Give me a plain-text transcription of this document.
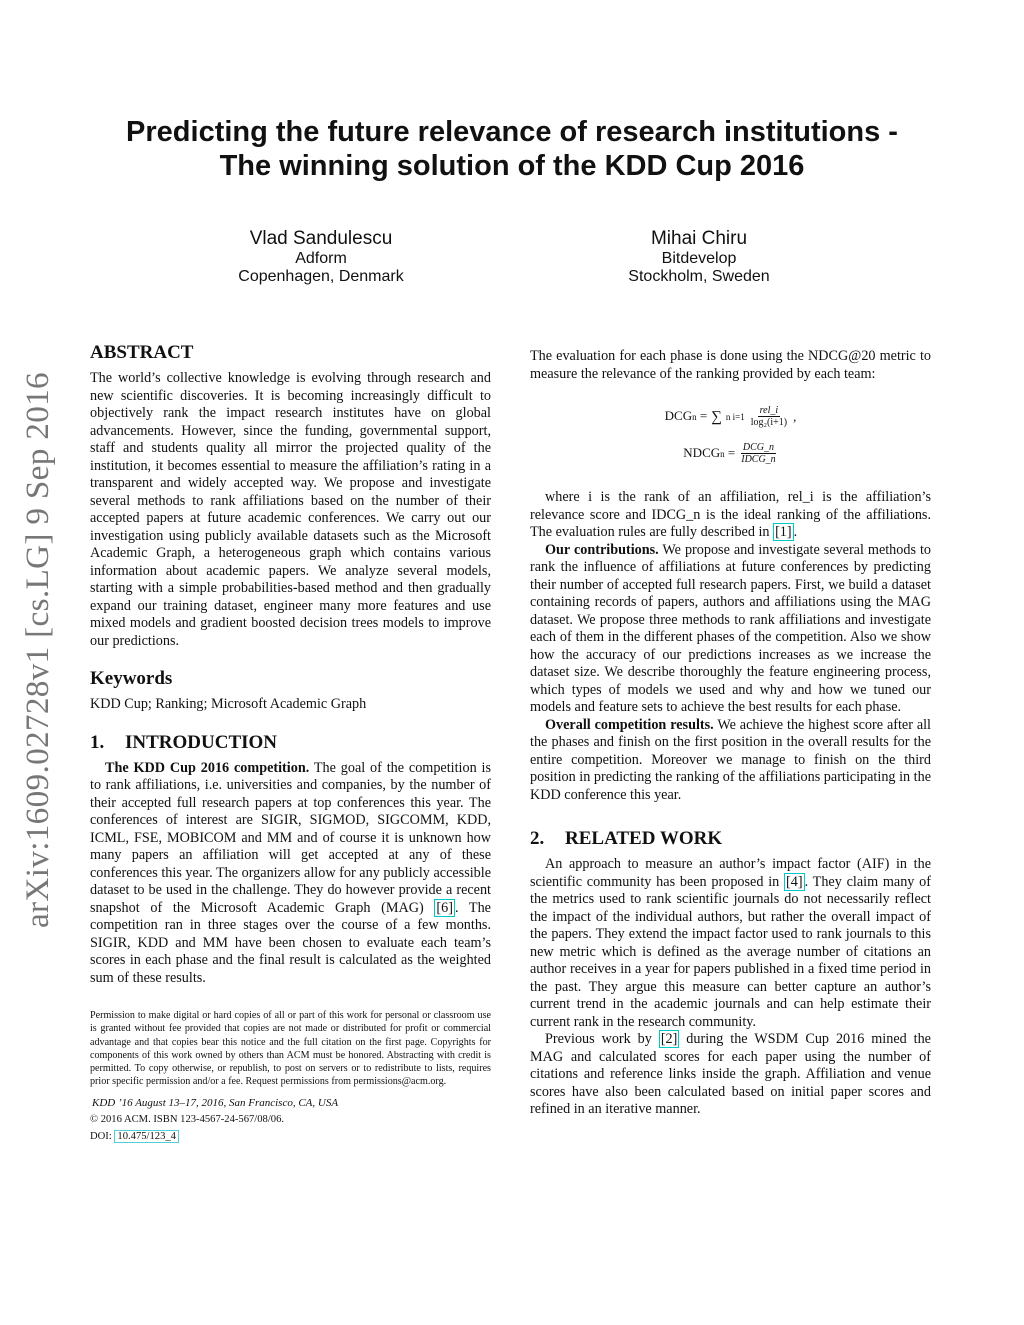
arXiv:1609.02728v1 [cs.LG] 9 Sep 2016
Predicting the future relevance of research institutions -
The winning solution of the KDD Cup 2016
Vlad Sandulescu
Adform
Copenhagen, Denmark
Mihai Chiru
Bitdevelop
Stockholm, Sweden
ABSTRACT

The world’s collective knowledge is evolving through research and new scientific discoveries. It is becoming increasingly difficult to objectively rank the impact research institutes have on global advancements. However, since the funding, governmental support, staff and students quality all mirror the projected quality of the institution, it becomes essential to measure the affiliation’s rating in a transparent and widely accepted way. We propose and investigate several methods to rank affiliations based on the number of their accepted papers at future academic conferences. We carry out our investigation using publicly available datasets such as the Microsoft Academic Graph, a heterogeneous graph which contains various information about academic papers. We analyze several models, starting with a simple probabilities-based method and then gradually expand our training dataset, engineer many more features and use mixed models and gradient boosted decision trees models to improve our predictions.

Keywords

KDD Cup; Ranking; Microsoft Academic Graph

1. INTRODUCTION

The KDD Cup 2016 competition. The goal of the competition is to rank affiliations, i.e. universities and companies, by the number of their accepted full research papers at top conferences this year. The conferences of interest are SIGIR, SIGMOD, SIGCOMM, KDD, ICML, FSE, MOBICOM and MM and of course it is unknown how many papers an affiliation will get accepted at any of these conferences this year. The organizers allow for any publicly accessible dataset to be used in the challenge. They do however provide a recent snapshot of the Microsoft Academic Graph (MAG) [6] . The competition ran in three stages over the course of a few months. SIGIR, KDD and MM have been chosen to evaluate each team’s scores in each phase and the final result is calculated as the weighted sum of these results.

Permission to make digital or hard copies of all or part of this work for personal or classroom use is granted without fee provided that copies are not made or distributed for profit or commercial advantage and that copies bear this notice and the full citation on the first page. Copyrights for components of this work owned by others than ACM must be honored. Abstracting with credit is permitted. To copy otherwise, or republish, to post on servers or to redistribute to lists, requires prior specific permission and/or a fee. Request permissions from permissions@acm.org.
KDD ’16 August 13–17, 2016, San Francisco, CA, USA
© 2016 ACM. ISBN 123-4567-24-567/08/06.
DOI: 10.475/123_4

The evaluation for each phase is done using the NDCG@20 metric to measure the relevance of the ranking provided by each team:

DCGn = ∑ n $i=1 \frac{\text{rel\_i}}{\text{log₂(i+1)}}$ ,
NDCGn = $\frac{\text{DCG\_n}}{\text{IDCG\_n}}$

where i is the rank of an affiliation, rel_i is the affiliation’s relevance score and IDCG_n is the ideal ranking of the affiliations. The evaluation rules are fully described in [1] .

Our contributions. We propose and investigate several methods to rank the influence of affiliations at future conferences by predicting their number of accepted full research papers. First, we build a dataset containing records of papers, authors and affiliations using the MAG dataset. We propose three methods to rank affiliations and investigate each of them in the different phases of the competition. Also we show how the accuracy of our predictions increases as we increase the dataset size. We describe thoroughly the feature engineering process, which types of models we used and why and how we tuned our models and feature sets to achieve the best results for each phase.

Overall competition results. We achieve the highest score after all the phases and finish on the first position in the overall results for the entire competition. Moreover we manage to finish on the third position in predicting the ranking of the affiliations participating in the KDD conference this year.

2. RELATED WORK

An approach to measure an author’s impact factor (AIF) in the scientific community has been proposed in [4] . They claim many of the metrics used to rank scientific journals do not necessarily reflect the impact of the individual authors, but rather the overall impact of the papers. They extend the impact factor used to rank journals to this new metric which is defined as the average number of citations an author receives in a year for papers published in a fixed time period in the past. They argue this measure can better capture an author’s current trend in the academic journals and can help estimate their current rank in the research community.

Previous work by [2] during the WSDM Cup 2016 mined the MAG and calculated scores for each paper using the number of citations and reference links inside the graph. Affiliation and venue scores have also been calculated based on initial paper scores and refined in an iterative manner.
